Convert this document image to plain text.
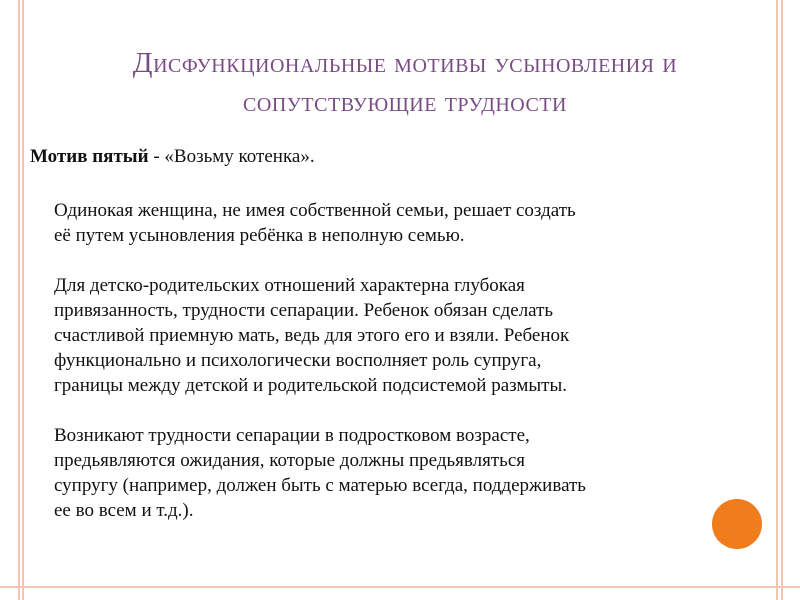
Дисфункциональные мотивы усыновления и
сопутствующие трудности
Мотив пятый - «Возьму котенка».
Одинокая женщина, не имея собственной семьи, решает создать
её путем усыновления ребёнка в неполную семью.
Для детско-родительских отношений характерна глубокая
привязанность, трудности сепарации. Ребенок обязан сделать
счастливой приемную мать, ведь для этого его и взяли. Ребенок
функционально и психологически восполняет роль супруга,
границы между детской и родительской подсистемой размыты.
Возникают трудности сепарации в подростковом возрасте,
предьявляются ожидания, которые должны предьявляться
супругу (например, должен быть с матерью всегда, поддерживать
ее во всем и т.д.).
